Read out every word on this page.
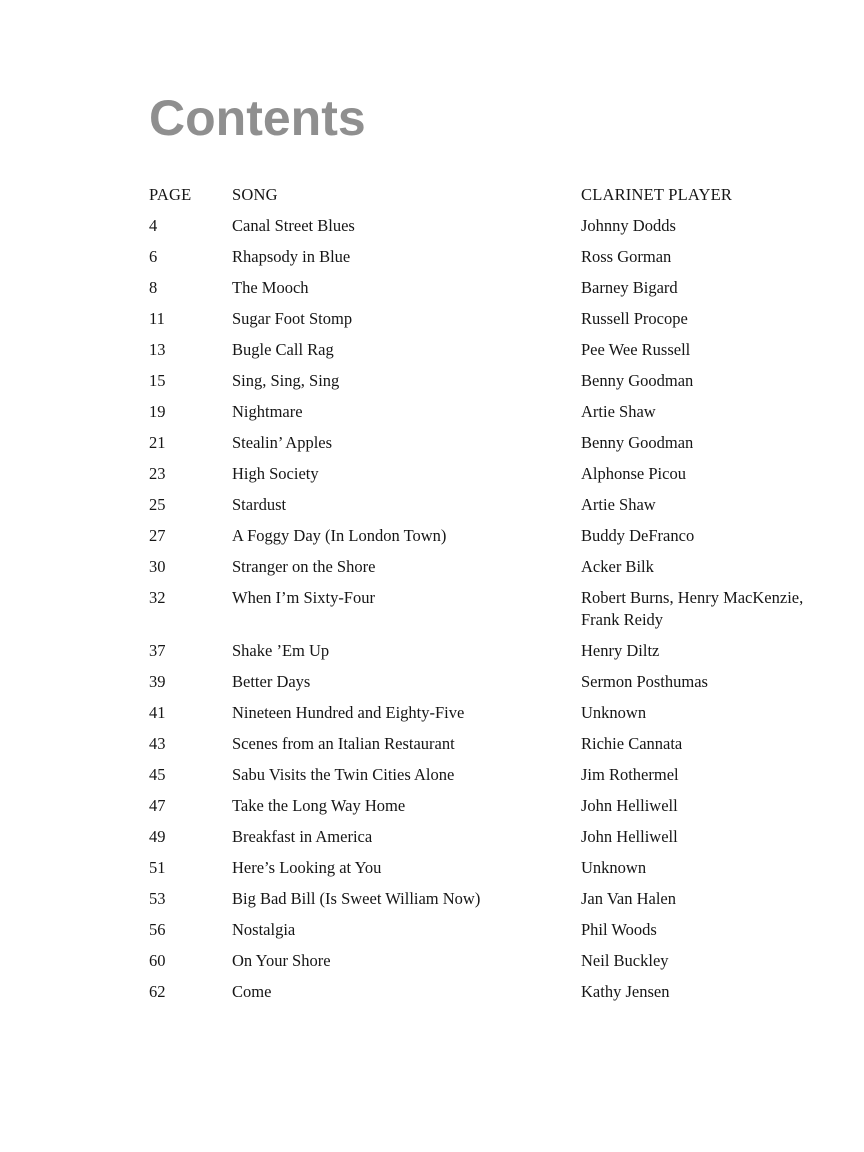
Contents
PAGE	SONG	CLARINET PLAYER
4	Canal Street Blues	Johnny Dodds
6	Rhapsody in Blue	Ross Gorman
8	The Mooch	Barney Bigard
11	Sugar Foot Stomp	Russell Procope
13	Bugle Call Rag	Pee Wee Russell
15	Sing, Sing, Sing	Benny Goodman
19	Nightmare	Artie Shaw
21	Stealin’ Apples	Benny Goodman
23	High Society	Alphonse Picou
25	Stardust	Artie Shaw
27	A Foggy Day (In London Town)	Buddy DeFranco
30	Stranger on the Shore	Acker Bilk
32	When I’m Sixty-Four	Robert Burns, Henry MacKenzie, Frank Reidy
37	Shake ’Em Up	Henry Diltz
39	Better Days	Sermon Posthumas
41	Nineteen Hundred and Eighty-Five	Unknown
43	Scenes from an Italian Restaurant	Richie Cannata
45	Sabu Visits the Twin Cities Alone	Jim Rothermel
47	Take the Long Way Home	John Helliwell
49	Breakfast in America	John Helliwell
51	Here’s Looking at You	Unknown
53	Big Bad Bill (Is Sweet William Now)	Jan Van Halen
56	Nostalgia	Phil Woods
60	On Your Shore	Neil Buckley
62	Come	Kathy Jensen
